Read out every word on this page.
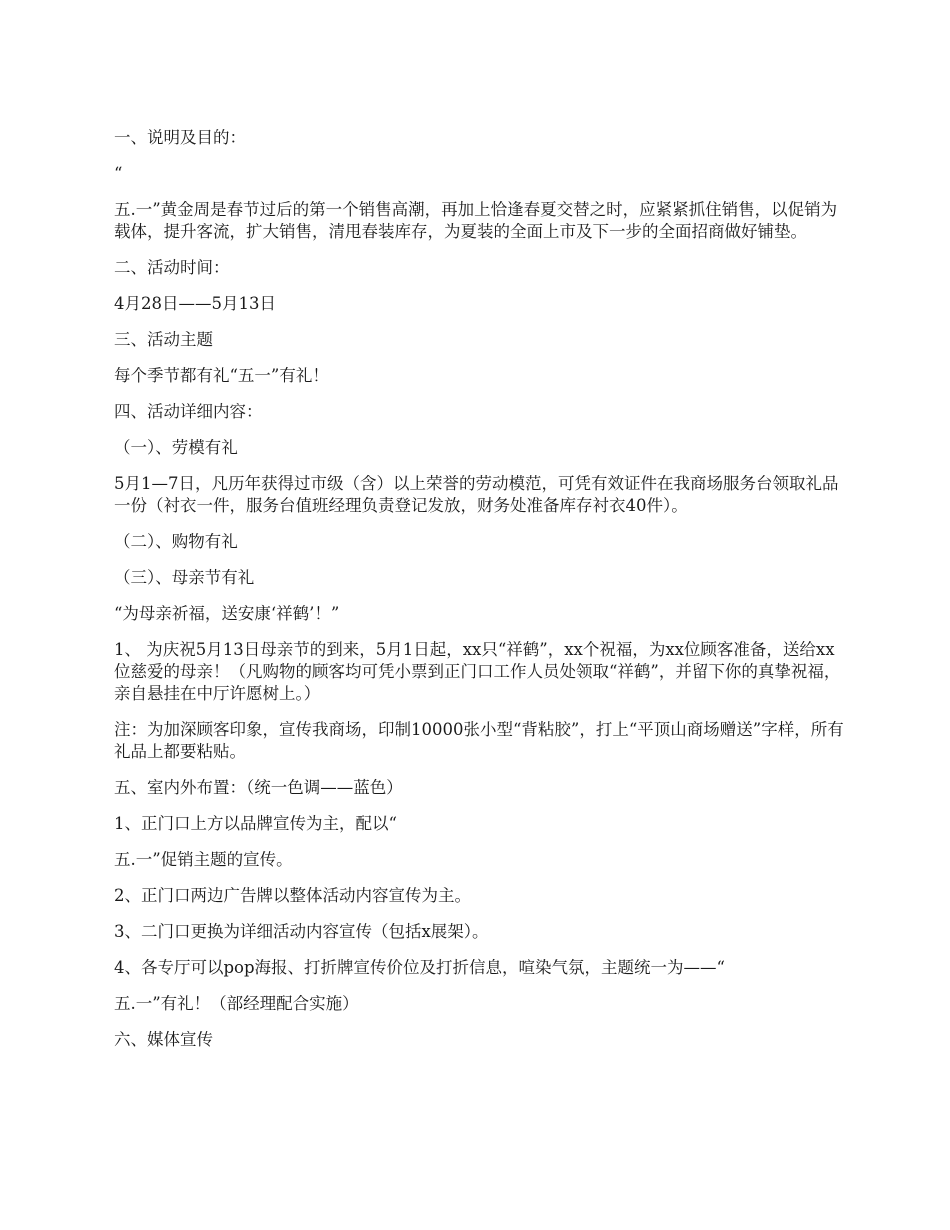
一、说明及目的：

“

五.一”黄金周是春节过后的第一个销售高潮，再加上恰逢春夏交替之时，应紧紧抓住销售，以促销为载体，提升客流，扩大销售，清甩春装库存，为夏装的全面上市及下一步的全面招商做好铺垫。

二、活动时间：

4月28日——5月13日

三、活动主题

每个季节都有礼“五一”有礼！

四、活动详细内容：

（一）、劳模有礼

5月1—7日，凡历年获得过市级（含）以上荣誉的劳动模范，可凭有效证件在我商场服务台领取礼品一份（衬衣一件，服务台值班经理负责登记发放，财务处准备库存衬衣40件）。

（二）、购物有礼

（三）、母亲节有礼

“为母亲祈福，送安康‘祥鹤’！”

1、 为庆祝5月13日母亲节的到来，5月1日起，xx只“祥鹤”，xx个祝福，为xx位顾客准备，送给xx位慈爱的母亲！（凡购物的顾客均可凭小票到正门口工作人员处领取“祥鹤”，并留下你的真挚祝福，亲自悬挂在中厅许愿树上。）

注：为加深顾客印象，宣传我商场，印制10000张小型“背粘胶”，打上“平顶山商场赠送”字样，所有礼品上都要粘贴。

五、室内外布置：（统一色调——蓝色）

1、正门口上方以品牌宣传为主，配以“

五.一”促销主题的宣传。

2、正门口两边广告牌以整体活动内容宣传为主。

3、二门口更换为详细活动内容宣传（包括x展架）。

4、各专厅可以pop海报、打折牌宣传价位及打折信息，喧染气氛，主题统一为——“

五.一”有礼！（部经理配合实施）

六、媒体宣传
